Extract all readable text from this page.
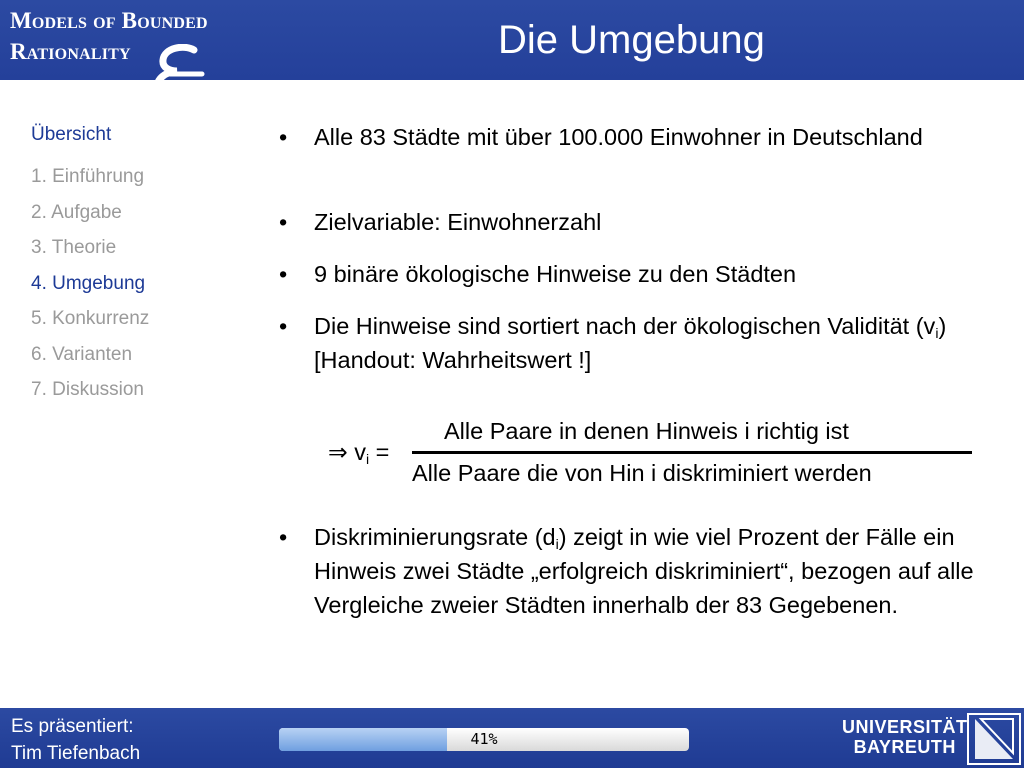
Models of Bounded
Rationality	Die Umgebung
Übersicht
1. Einführung
2. Aufgabe
3. Theorie
4. Umgebung
5. Konkurrenz
6. Varianten
7. Diskussion
• Alle 83 Städte mit über 100.000 Einwohner in Deutschland
• Zielvariable: Einwohnerzahl
• 9 binäre ökologische Hinweise zu den Städten
• Die Hinweise sind sortiert nach der ökologischen Validität $(v_i)$ [Handout: Wahrheitswert !]
• Diskriminierungsrate $(d_i)$ zeigt in wie viel Prozent der Fälle ein Hinweis zwei Städte „erfolgreich diskriminiert“, bezogen auf alle Vergleiche zweier Städten innerhalb der 83 Gegebenen.
⇒ $v_i$ =
Alle Paare in denen Hinweis i richtig ist
Alle Paare die von Hin i diskriminiert werden
Es präsentiert:
Tim Tiefenbach
41%
UNIVERSITÄT
BAYREUTH
